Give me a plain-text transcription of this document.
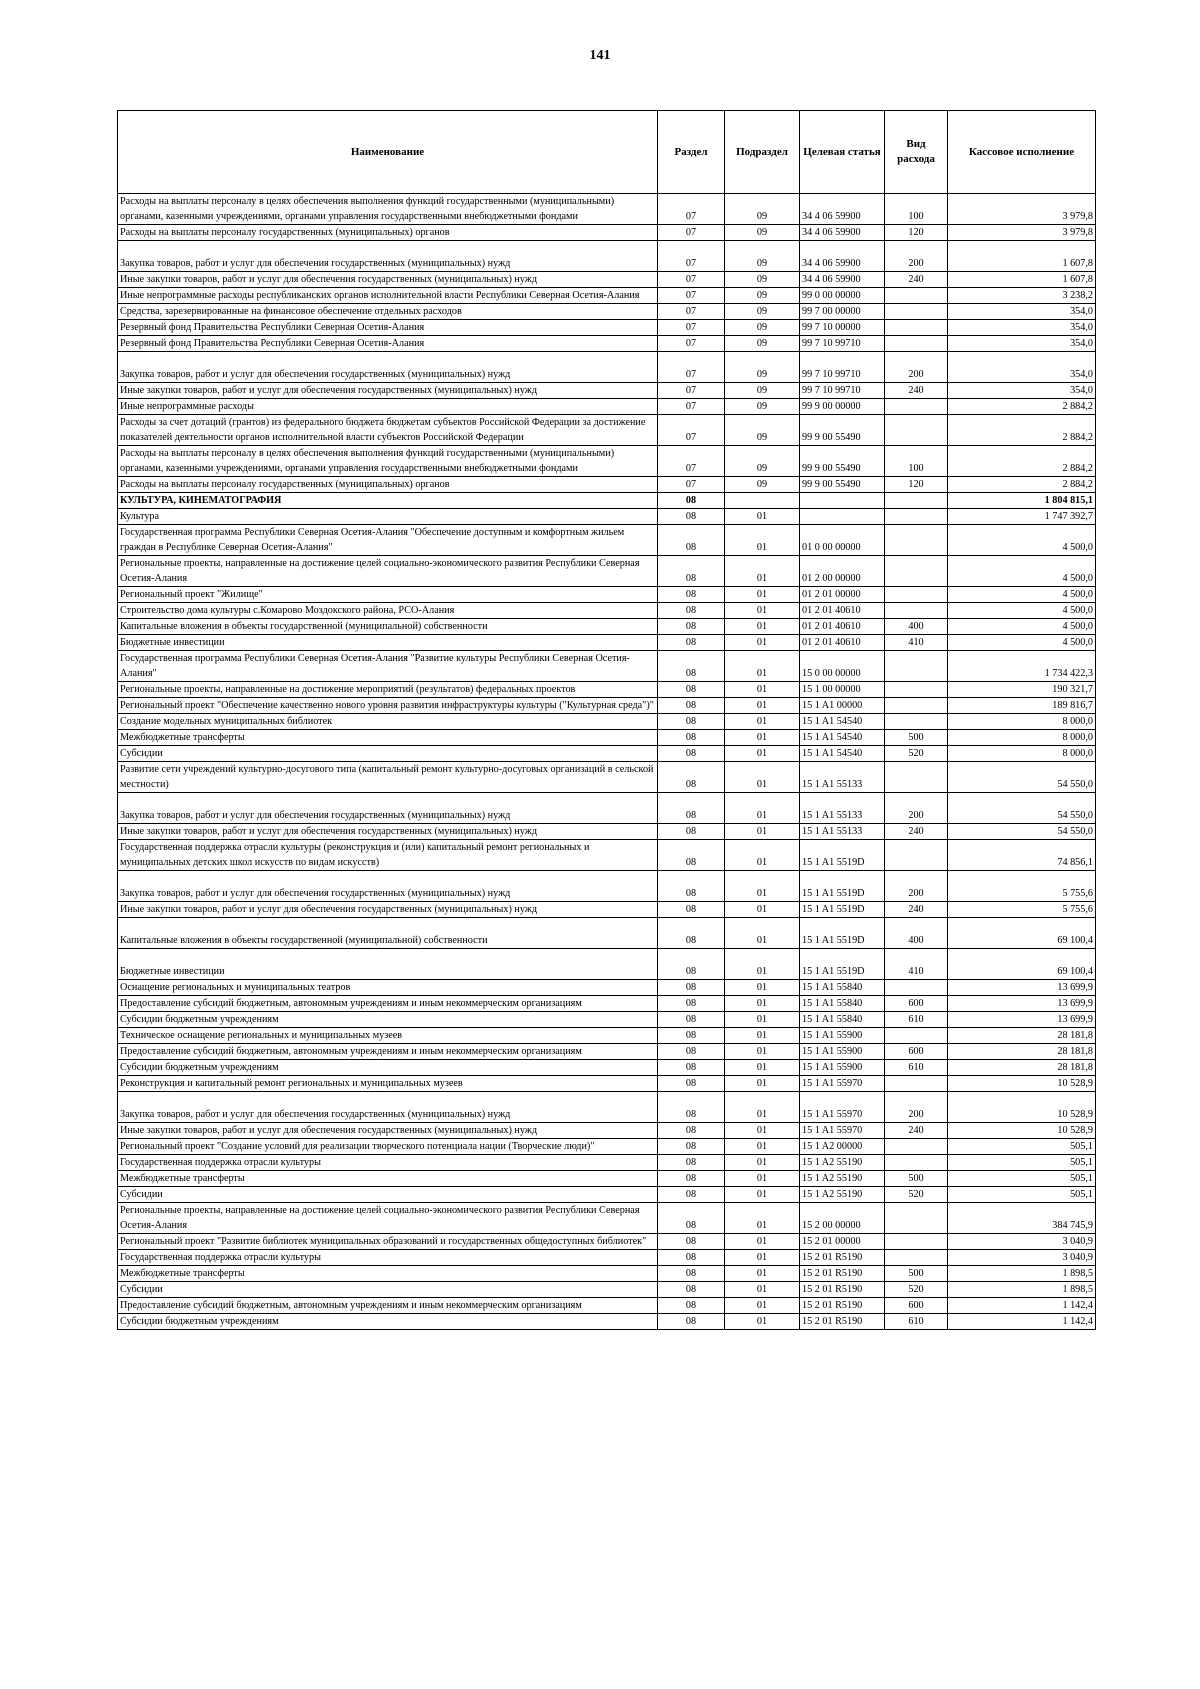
141
Наименование	Раздел	Подраздел	Целевая статья	Вид расхода	Кассовое исполнение
Расходы на выплаты персоналу в целях обеспечения выполнения функций государственными (муниципальными) органами, казенными учреждениями, органами управления государственными внебюджетными фондами	07	09	34 4 06 59900	100	3 979,8
Расходы на выплаты персоналу государственных (муниципальных) органов	07	09	34 4 06 59900	120	3 979,8
Закупка товаров, работ и услуг для обеспечения государственных (муниципальных) нужд	07	09	34 4 06 59900	200	1 607,8
Иные закупки товаров, работ и услуг для обеспечения государственных (муниципальных) нужд	07	09	34 4 06 59900	240	1 607,8
Иные непрограммные расходы республиканских органов исполнительной власти Республики Северная Осетия-Алания	07	09	99 0 00 00000		3 238,2
Средства, зарезервированные на финансовое обеспечение отдельных расходов	07	09	99 7 00 00000		354,0
Резервный фонд Правительства Республики Северная Осетия-Алания	07	09	99 7 10 00000		354,0
Резервный фонд Правительства Республики Северная Осетия-Алания	07	09	99 7 10 99710		354,0
Закупка товаров, работ и услуг для обеспечения государственных (муниципальных) нужд	07	09	99 7 10 99710	200	354,0
Иные закупки товаров, работ и услуг для обеспечения государственных (муниципальных) нужд	07	09	99 7 10 99710	240	354,0
Иные непрограммные расходы	07	09	99 9 00 00000		2 884,2
Расходы за счет дотаций (грантов) из федерального бюджета бюджетам субъектов Российской Федерации за достижение показателей деятельности органов исполнительной власти субъектов Российской Федерации	07	09	99 9 00 55490		2 884,2
Расходы на выплаты персоналу в целях обеспечения выполнения функций государственными (муниципальными) органами, казенными учреждениями, органами управления государственными внебюджетными фондами	07	09	99 9 00 55490	100	2 884,2
Расходы на выплаты персоналу государственных (муниципальных) органов	07	09	99 9 00 55490	120	2 884,2
КУЛЬТУРА, КИНЕМАТОГРАФИЯ	08				1 804 815,1
Культура	08	01			1 747 392,7
Государственная программа Республики Северная Осетия-Алания "Обеспечение доступным и комфортным жильем граждан в Республике Северная Осетия-Алания"	08	01	01 0 00 00000		4 500,0
Региональные проекты, направленные на достижение целей социально-экономического развития Республики Северная Осетия-Алания	08	01	01 2 00 00000		4 500,0
Региональный проект "Жилище"	08	01	01 2 01 00000		4 500,0
Строительство дома культуры с.Комарово Моздокского района, РСО-Алания	08	01	01 2 01 40610		4 500,0
Капитальные вложения в объекты государственной (муниципальной) собственности	08	01	01 2 01 40610	400	4 500,0
Бюджетные инвестиции	08	01	01 2 01 40610	410	4 500,0
Государственная программа Республики Северная Осетия-Алания "Развитие культуры Республики Северная Осетия-Алания"	08	01	15 0 00 00000		1 734 422,3
Региональные проекты, направленные на достижение мероприятий (результатов) федеральных проектов	08	01	15 1 00 00000		190 321,7
Региональный проект "Обеспечение качественно нового уровня развития инфраструктуры культуры ("Культурная среда")"	08	01	15 1 A1 00000		189 816,7
Создание модельных муниципальных библиотек	08	01	15 1 A1 54540		8 000,0
Межбюджетные трансферты	08	01	15 1 A1 54540	500	8 000,0
Субсидии	08	01	15 1 A1 54540	520	8 000,0
Развитие сети учреждений культурно-досугового типа (капитальный ремонт культурно-досуговых организаций в сельской местности)	08	01	15 1 A1 55133		54 550,0
Закупка товаров, работ и услуг для обеспечения государственных (муниципальных) нужд	08	01	15 1 A1 55133	200	54 550,0
Иные закупки товаров, работ и услуг для обеспечения государственных (муниципальных) нужд	08	01	15 1 A1 55133	240	54 550,0
Государственная поддержка отрасли культуры (реконструкция и (или) капитальный ремонт региональных и муниципальных детских школ искусств по видам искусств)	08	01	15 1 A1 5519D		74 856,1
Закупка товаров, работ и услуг для обеспечения государственных (муниципальных) нужд	08	01	15 1 A1 5519D	200	5 755,6
Иные закупки товаров, работ и услуг для обеспечения государственных (муниципальных) нужд	08	01	15 1 A1 5519D	240	5 755,6
Капитальные вложения в объекты государственной (муниципальной) собственности	08	01	15 1 A1 5519D	400	69 100,4
Бюджетные инвестиции	08	01	15 1 A1 5519D	410	69 100,4
Оснащение региональных и муниципальных театров	08	01	15 1 A1 55840		13 699,9
Предоставление субсидий бюджетным, автономным учреждениям и иным некоммерческим организациям	08	01	15 1 A1 55840	600	13 699,9
Субсидии бюджетным учреждениям	08	01	15 1 A1 55840	610	13 699,9
Техническое оснащение региональных и муниципальных музеев	08	01	15 1 A1 55900		28 181,8
Предоставление субсидий бюджетным, автономным учреждениям и иным некоммерческим организациям	08	01	15 1 A1 55900	600	28 181,8
Субсидии бюджетным учреждениям	08	01	15 1 A1 55900	610	28 181,8
Реконструкция и капитальный ремонт региональных и муниципальных музеев	08	01	15 1 A1 55970		10 528,9
Закупка товаров, работ и услуг для обеспечения государственных (муниципальных) нужд	08	01	15 1 A1 55970	200	10 528,9
Иные закупки товаров, работ и услуг для обеспечения государственных (муниципальных) нужд	08	01	15 1 A1 55970	240	10 528,9
Региональный проект "Создание условий для реализации творческого потенциала нации (Творческие люди)"	08	01	15 1 A2 00000		505,1
Государственная поддержка отрасли культуры	08	01	15 1 A2 55190		505,1
Межбюджетные трансферты	08	01	15 1 A2 55190	500	505,1
Субсидии	08	01	15 1 A2 55190	520	505,1
Региональные проекты, направленные на достижение целей социально-экономического развития Республики Северная Осетия-Алания	08	01	15 2 00 00000		384 745,9
Региональный проект "Развитие библиотек муниципальных образований и государственных общедоступных библиотек"	08	01	15 2 01 00000		3 040,9
Государственная поддержка отрасли культуры	08	01	15 2 01 R5190		3 040,9
Межбюджетные трансферты	08	01	15 2 01 R5190	500	1 898,5
Субсидии	08	01	15 2 01 R5190	520	1 898,5
Предоставление субсидий бюджетным, автономным учреждениям и иным некоммерческим организациям	08	01	15 2 01 R5190	600	1 142,4
Субсидии бюджетным учреждениям	08	01	15 2 01 R5190	610	1 142,4
